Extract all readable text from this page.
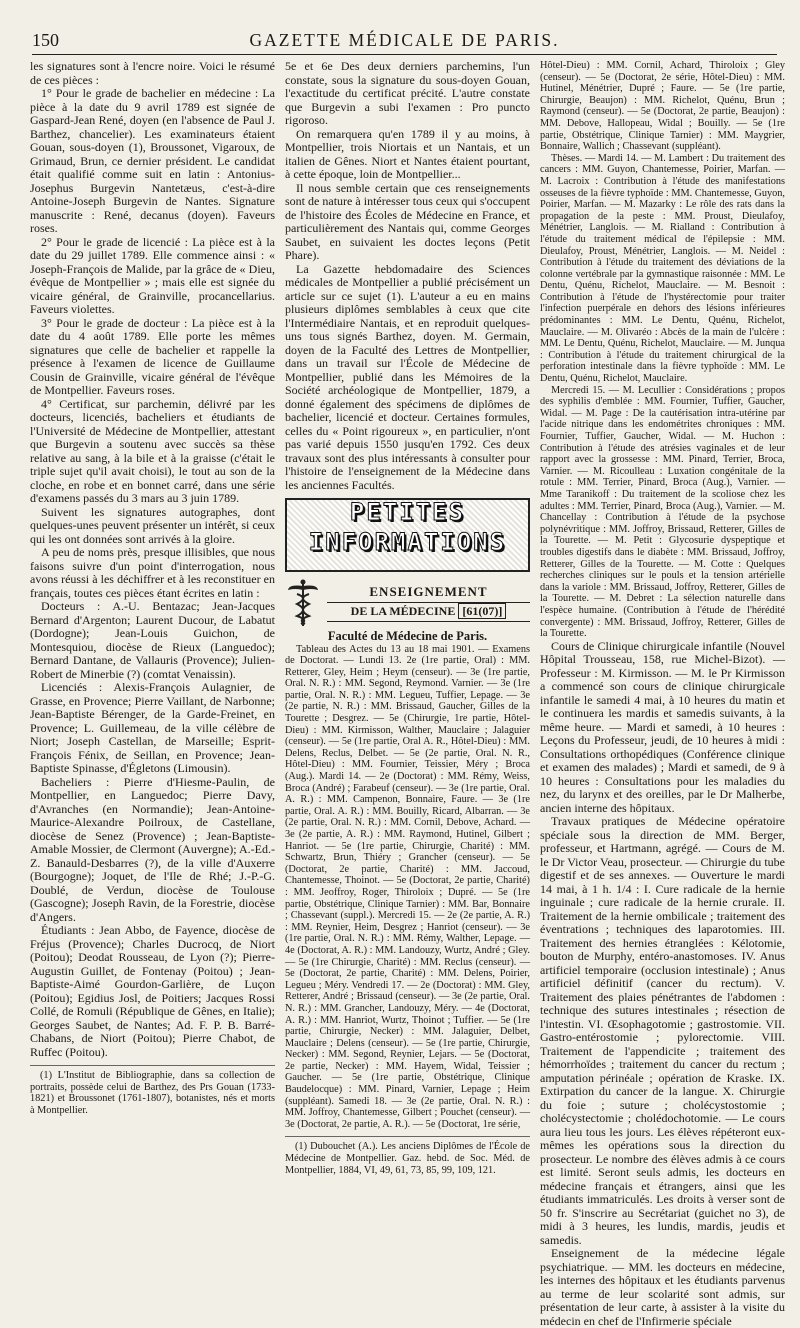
150	GAZETTE MÉDICALE DE PARIS.

les signatures sont à l'encre noire. Voici le résumé de ces pièces :

1° Pour le grade de bachelier en médecine : La pièce à la date du 9 avril 1789 est signée de Gaspard-Jean René, doyen (en l'absence de Paul J. Barthez, chancelier). Les examinateurs étaient Gouan, sous-doyen (1), Broussonet, Vigaroux, de Grimaud, Brun, ce dernier président. Le candidat était qualifié comme suit en latin : Antonius-Josephus Burgevin Nantetæus, c'est-à-dire Antoine-Joseph Burgevin de Nantes. Signature manuscrite : René, decanus (doyen). Faveurs roses.

2° Pour le grade de licencié : La pièce est à la date du 29 juillet 1789. Elle commence ainsi : « Joseph-François de Malide, par la grâce de « Dieu, évêque de Montpellier » ; mais elle est signée du vicaire général, de Grainville, procancellarius. Faveurs violettes.

3° Pour le grade de docteur : La pièce est à la date du 4 août 1789. Elle porte les mêmes signatures que celle de bachelier et rappelle la présence à l'examen de licence de Guillaume Cousin de Grainville, vicaire général de l'évêque de Montpellier. Faveurs roses.

4° Certificat, sur parchemin, délivré par les docteurs, licenciés, bacheliers et étudiants de l'Université de Médecine de Montpellier, attestant que Burgevin a soutenu avec succès sa thèse relative au sang, à la bile et à la graisse (c'était le triple sujet qu'il avait choisi), le tout au son de la cloche, en robe et en bonnet carré, dans une série d'examens passés du 3 mars au 3 juin 1789.

Suivent les signatures autographes, dont quelques-unes peuvent présenter un intérêt, si ceux qui les ont données sont arrivés à la gloire.

A peu de noms près, presque illisibles, que nous faisons suivre d'un point d'interrogation, nous avons réussi à les déchiffrer et à les reconstituer en français, toutes ces pièces étant écrites en latin :

Docteurs : A.-U. Bentazac; Jean-Jacques Bernard d'Argenton; Laurent Ducour, de Labatut (Dordogne); Jean-Louis Guichon, de Montesquiou, diocèse de Rieux (Languedoc); Bernard Dantane, de Vallauris (Provence); Julien-Robert de Minerbie (?) (comtat Venaissin).

Licenciés : Alexis-François Aulagnier, de Grasse, en Provence; Pierre Vaillant, de Narbonne; Jean-Baptiste Bérenger, de la Garde-Freinet, en Provence; L. Guillemeau, de la ville célèbre de Niort; Joseph Castellan, de Marseille; Esprit-François Fénix, de Seillan, en Provence; Jean-Baptiste Spinasse, d'Égletons (Limousin).

Bacheliers : Pierre d'Hiesme-Paulin, de Montpellier, en Languedoc; Pierre Davy, d'Avranches (en Normandie); Jean-Antoine-Maurice-Alexandre Poilroux, de Castellane, diocèse de Senez (Provence) ; Jean-Baptiste-Amable Mossier, de Clermont (Auvergne); A.-Ed.-Z. Banauld-Desbarres (?), de la ville d'Auxerre (Bourgogne); Joquet, de l'Ile de Rhé; J.-P.-G. Doublé, de Verdun, diocèse de Toulouse (Gascogne); Joseph Ravin, de la Forestrie, diocèse d'Angers.

Étudiants : Jean Abbo, de Fayence, diocèse de Fréjus (Provence); Charles Ducrocq, de Niort (Poitou); Deodat Rousseau, de Lyon (?); Pierre-Augustin Guillet, de Fontenay (Poitou) ; Jean-Baptiste-Aimé Gourdon-Garlière, de Luçon (Poitou); Egidius Josl, de Poitiers; Jacques Rossi Collé, de Romuli (République de Gênes, en Italie); Georges Saubet, de Nantes; Ad. F. P. B. Barré-Chabans, de Niort (Poitou); Pierre Chabot, de Ruffec (Poitou).

(1) L'Institut de Bibliographie, dans sa collection de portraits, possède celui de Barthez, des Prs Gouan (1733-1821) et Broussonet (1761-1807), botanistes, nés et morts à Montpellier.

5e et 6e Des deux derniers parchemins, l'un constate, sous la signature du sous-doyen Gouan, l'exactitude du certificat précité. L'autre constate que Burgevin a subi l'examen : Pro puncto rigoroso.

On remarquera qu'en 1789 il y au moins, à Montpellier, trois Niortais et un Nantais, et un italien de Gênes. Niort et Nantes étaient pourtant, à cette époque, loin de Montpellier...

Il nous semble certain que ces renseignements sont de nature à intéresser tous ceux qui s'occupent de l'histoire des Écoles de Médecine en France, et particulièrement des Nantais qui, comme Georges Saubet, en suivaient les doctes leçons (Petit Phare).

La Gazette hebdomadaire des Sciences médicales de Montpellier a publié précisément un article sur ce sujet (1). L'auteur a eu en mains plusieurs diplômes semblables à ceux que cite l'Intermédiaire Nantais, et en reproduit quelques-uns tous signés Barthez, doyen. M. Germain, doyen de la Faculté des Lettres de Montpellier, dans un travail sur l'École de Médecine de Montpellier, publié dans les Mémoires de la Société archéologique de Montpellier, 1879, a donné également des spécimens de diplômes de bachelier, licencié et docteur. Certaines formules, celles du « Point rigoureux », en particulier, n'ont pas varié depuis 1550 jusqu'en 1792. Ces deux travaux sont des plus intéressants à consulter pour l'histoire de l'enseignement de la Médecine dans les anciennes Facultés.

PETITES
INFORMATIONS
ENSEIGNEMENT
DE LA MÉDECINE [61(07)]

Faculté de Médecine de Paris.

Tableau des Actes du 13 au 18 mai 1901. — Examens de Doctorat. — Lundi 13. 2e (1re partie, Oral) : MM. Retterer, Gley, Heim ; Heym (censeur). — 3e (1re partie, Oral. N. R.) : MM. Segond, Reymond. Varnier. — 3e (1re partie, Oral. N. R.) : MM. Legueu, Tuffier, Lepage. — 3e (2e partie, N. R.) : MM. Brissaud, Gaucher, Gilles de la Tourette ; Desgrez. — 5e (Chirurgie, 1re partie, Hôtel-Dieu) : MM. Kirmisson, Walther, Mauclaire ; Jalaguier (censeur). — 5e (1re partie, Oral A. R., Hôtel-Dieu) : MM. Delens, Reclus, Delbet. — 5e (2e partie, Oral. N. R., Hôtel-Dieu) : MM. Fournier, Teissier, Méry ; Broca (Aug.). Mardi 14. — 2e (Doctorat) : MM. Rémy, Weiss, Broca (André) ; Farabeuf (censeur). — 3e (1re partie, Oral. A. R.) : MM. Campenon, Bonnaire, Faure. — 3e (1re partie, Oral. A. R.) : MM. Bouilly, Ricard, Albarran. — 3e (2e partie, Oral. N. R.) : MM. Cornil, Debove, Achard. — 3e (2e partie, A. R.) : MM. Raymond, Hutinel, Gilbert ; Hanriot. — 5e (1re partie, Chirurgie, Charité) : MM. Schwartz, Brun, Thiéry ; Grancher (censeur). — 5e (Doctorat, 2e partie, Charité) : MM. Jaccoud, Chantemesse, Thoinot. — 5e (Doctorat, 2e partie, Charité) : MM. Jeoffroy, Roger, Thiroloix ; Dupré. — 5e (1re partie, Obstétrique, Clinique Tarnier) : MM. Bar, Bonnaire ; Chassevant (suppl.). Mercredi 15. — 2e (2e partie, A. R.) : MM. Reynier, Heim, Desgrez ; Hanriot (censeur). — 3e (1re partie, Oral. N. R.) : MM. Rémy, Walther, Lepage. — 4e (Doctorat, A. R.) : MM. Landouzy, Wurtz, André ; Gley. — 5e (1re Chirurgie, Charité) : MM. Reclus (censeur). — 5e (Doctorat, 2e partie, Charité) : MM. Delens, Poirier, Legueu ; Méry. Vendredi 17. — 2e (Doctorat) : MM. Gley, Retterer, André ; Brissaud (censeur). — 3e (2e partie, Oral. N. R.) : MM. Grancher, Landouzy, Méry. — 4e (Doctorat, A. R.) : MM. Hanriot, Wurtz, Thoinot ; Tuffier. — 5e (1re partie, Chirurgie, Necker) : MM. Jalaguier, Delbet, Mauclaire ; Delens (censeur). — 5e (1re partie, Chirurgie, Necker) : MM. Segond, Reynier, Lejars. — 5e (Doctorat, 2e partie, Necker) : MM. Hayem, Widal, Teissier ; Gaucher. — 5e (1re partie, Obstétrique, Clinique Baudelocque) : MM. Pinard, Varnier, Lepage ; Heim (suppléant). Samedi 18. — 3e (2e partie, Oral. N. R.) : MM. Joffroy, Chantemesse, Gilbert ; Pouchet (censeur). — 3e (Doctorat, 2e partie, A. R.). — 5e (Doctorat, 1re série,

(1) Dubouchet (A.). Les anciens Diplômes de l'École de Médecine de Montpellier. Gaz. hebd. de Soc. Méd. de Montpellier, 1884, VI, 49, 61, 73, 85, 99, 109, 121.

Hôtel-Dieu) : MM. Cornil, Achard, Thiroloix ; Gley (censeur). — 5e (Doctorat, 2e série, Hôtel-Dieu) : MM. Hutinel, Ménétrier, Dupré ; Faure. — 5e (1re partie, Chirurgie, Beaujon) : MM. Richelot, Quénu, Brun ; Raymond (censeur). — 5e (Doctorat, 2e partie, Beaujon) : MM. Debove, Hallopeau, Widal ; Bouilly. — 5e (1re partie, Obstétrique, Clinique Tarnier) : MM. Maygrier, Bonnaire, Wallich ; Chassevant (suppléant).

Thèses. — Mardi 14. — M. Lambert : Du traitement des cancers : MM. Guyon, Chantemesse, Poirier, Marfan. — M. Lacroix : Contribution à l'étude des manifestations osseuses de la fièvre typhoïde : MM. Chantemesse, Guyon, Poirier, Marfan. — M. Mazarky : Le rôle des rats dans la propagation de la peste : MM. Proust, Dieulafoy, Ménétrier, Langlois. — M. Rialland : Contribution à l'étude du traitement médical de l'épilepsie : MM. Dieulafoy, Proust, Ménétrier, Langlois. — M. Neidel : Contribution à l'étude du traitement des déviations de la colonne vertébrale par la gymnastique raisonnée : MM. Le Dentu, Quénu, Richelot, Mauclaire. — M. Besnoit : Contribution à l'étude de l'hystérectomie pour traiter l'infection puerpérale en dehors des lésions inférieures prédominantes : MM. Le Dentu, Quénu, Richelot, Mauclaire. — M. Olivaréo : Abcès de la main de l'ulcère : MM. Le Dentu, Quénu, Richelot, Mauclaire. — M. Junqua : Contribution à l'étude du traitement chirurgical de la perforation intestinale dans la fièvre typhoïde : MM. Le Dentu, Quénu, Richelot, Mauclaire.

Mercredi 15. — M. Lecullier : Considérations ; propos des syphilis d'emblée : MM. Fournier, Tuffier, Gaucher, Widal. — M. Page : De la cautérisation intra-utérine par l'acide nitrique dans les endométrites chroniques : MM. Fournier, Tuffier, Gaucher, Widal. — M. Huchon : Contribution à l'étude des atrésies vaginales et de leur rapport avec la grossesse : MM. Pinard, Terrier, Broca, Varnier. — M. Ricoulleau : Luxation congénitale de la rotule : MM. Terrier, Pinard, Broca (Aug.), Varnier. — Mme Taranikoff : Du traitement de la scoliose chez les adultes : MM. Terrier, Pinard, Broca (Aug.), Varnier. — M. Chancellay : Contribution à l'étude de la psychose polynévritique : MM. Joffroy, Brissaud, Retterer, Gilles de la Tourette. — M. Petit : Glycosurie dyspeptique et troubles digestifs dans le diabète : MM. Brissaud, Joffroy, Retterer, Gilles de la Tourette. — M. Cotte : Quelques recherches cliniques sur le pouls et la tension artérielle dans la variole : MM. Brissaud, Joffroy, Retterer, Gilles de la Tourette. — M. Debret : La sélection naturelle dans l'espèce humaine. (Contribution à l'étude de l'hérédité convergente) : MM. Brissaud, Joffroy, Retterer, Gilles de la Tourette.

Cours de Clinique chirurgicale infantile (Nouvel Hôpital Trousseau, 158, rue Michel-Bizot). — Professeur : M. Kirmisson. — M. le Pr Kirmisson a commencé son cours de clinique chirurgicale infantile le samedi 4 mai, à 10 heures du matin et le continuera les mardis et samedis suivants, à la même heure. — Mardi et samedi, à 10 heures : Leçons du Professeur, jeudi, de 10 heures à midi : Consultations orthopédiques (Conférence clinique et examen des malades) ; Mardi et samedi, de 9 à 10 heures : Consultations pour les maladies du nez, du larynx et des oreilles, par le Dr Malherbe, ancien interne des hôpitaux.

Travaux pratiques de Médecine opératoire spéciale sous la direction de MM. Berger, professeur, et Hartmann, agrégé. — Cours de M. le Dr Victor Veau, prosecteur. — Chirurgie du tube digestif et de ses annexes. — Ouverture le mardi 14 mai, à 1 h. 1/4 : I. Cure radicale de la hernie inguinale ; cure radicale de la hernie crurale. II. Traitement de la hernie ombilicale ; traitement des éventrations ; techniques des laparotomies. III. Traitement des hernies étranglées : Kélotomie, bouton de Murphy, entéro-anastomoses. IV. Anus artificiel temporaire (occlusion intestinale) ; Anus artificiel définitif (cancer du rectum). V. Traitement des plaies pénétrantes de l'abdomen : technique des sutures intestinales ; résection de l'intestin. VI. Œsophagotomie ; gastrostomie. VII. Gastro-entérostomie ; pylorectomie. VIII. Traitement de l'appendicite ; traitement des hémorrhoïdes ; traitement du cancer du rectum ; amputation périnéale ; opération de Kraske. IX. Extirpation du cancer de la langue. X. Chirurgie du foie ; suture ; cholécystostomie ; cholécystectomie ; cholédochotomie. — Le cours aura lieu tous les jours. Les élèves répéteront eux-mêmes les opérations sous la direction du prosecteur. Le nombre des élèves admis à ce cours est limité. Seront seuls admis, les docteurs en médecine français et étrangers, ainsi que les étudiants immatriculés. Les droits à verser sont de 50 fr. S'inscrire au Secrétariat (guichet no 3), de midi à 3 heures, les lundis, mardis, jeudis et samedis.

Enseignement de la médecine légale psychiatrique. — MM. les docteurs en médecine, les internes des hôpitaux et les étudiants parvenus au terme de leur scolarité sont admis, sur présentation de leur carte, à assister à la visite du médecin en chef de l'Infirmerie spéciale
